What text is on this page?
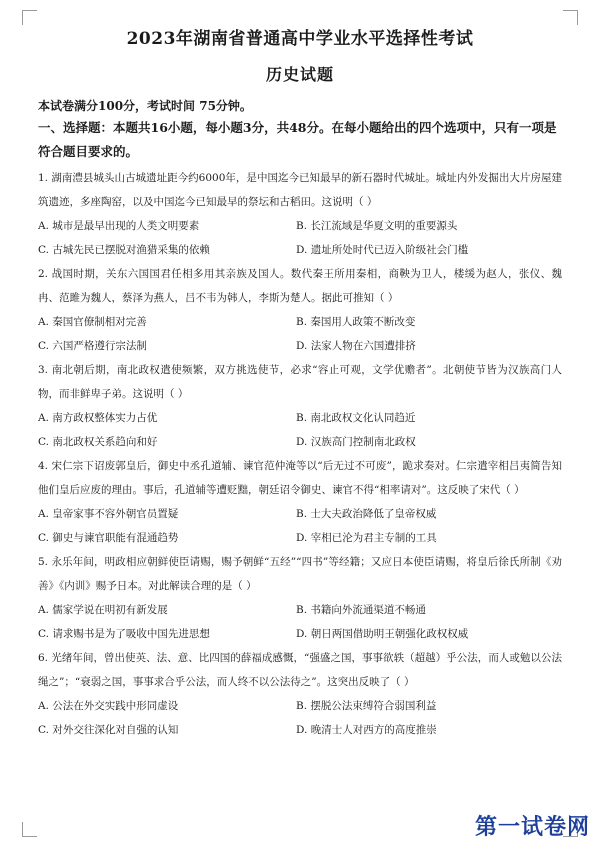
2023年湖南省普通高中学业水平选择性考试
历史试题

本试卷满分100分，考试时间 75分钟。

一、选择题：本题共16小题，每小题3分，共48分。在每小题给出的四个选项中，只有一项是符合题目要求的。

1. 湖南澧县城头山古城遗址距今约6000年，是中国迄今已知最早的新石器时代城址。城址内外发掘出大片房屋建筑遗迹，多座陶窑，以及中国迄今已知最早的祭坛和古稻田。这说明（ ）

A. 城市是最早出现的人类文明要素	B. 长江流域是华夏文明的重要源头
C. 古城先民已摆脱对渔猎采集的依赖	D. 遗址所处时代已迈入阶级社会门槛

2. 战国时期，关东六国国君任相多用其亲族及国人。数代秦王所用秦相，商鞅为卫人，楼缓为赵人，张仪、魏冉、范雎为魏人，蔡泽为燕人，吕不韦为韩人，李斯为楚人。据此可推知（ ）

A. 秦国官僚制相对完善	B. 秦国用人政策不断改变
C. 六国严格遵行宗法制	D. 法家人物在六国遭排挤

3. 南北朝后期，南北政权遣使频繁，双方挑选使节，必求“容止可观，文学优赡者”。北朝使节皆为汉族高门人物，而非鲜卑子弟。这说明（ ）

A. 南方政权整体实力占优	B. 南北政权文化认同趋近
C. 南北政权关系趋向和好	D. 汉族高门控制南北政权

4. 宋仁宗下诏废郭皇后，御史中丞孔道辅、谏官范仲淹等以“后无过不可废”，跪求奏对。仁宗遣宰相吕夷简告知他们皇后应废的理由。事后，孔道辅等遭贬黜，朝廷诏令御史、谏官不得“相率请对”。这反映了宋代（ ）

A. 皇帝家事不容外朝官员置疑	B. 士大夫政治降低了皇帝权威
C. 御史与谏官职能有混通趋势	D. 宰相已沦为君主专制的工具

5. 永乐年间，明政相应朝鲜使臣请赐，赐予朝鲜“五经”“四书”等经籍；又应日本使臣请赐，将皇后徐氏所制《劝善》《内训》赐予日本。对此解读合理的是（ ）

A. 儒家学说在明初有新发展	B. 书籍向外流通渠道不畅通
C. 请求赐书是为了吸收中国先进思想	D. 朝日两国借助明王朝强化政权权威

6. 光绪年间，曾出使英、法、意、比四国的薛福成感慨，“强盛之国，事事欲轶（超越）乎公法，而人或勉以公法绳之”；“衰弱之国，事事求合乎公法，而人终不以公法待之”。这突出反映了（ ）

A. 公法在外交实践中形同虚设	B. 摆脱公法束缚符合弱国利益
C. 对外交往深化对自强的认知	D. 晚清士人对西方的高度推崇
第一试卷网
